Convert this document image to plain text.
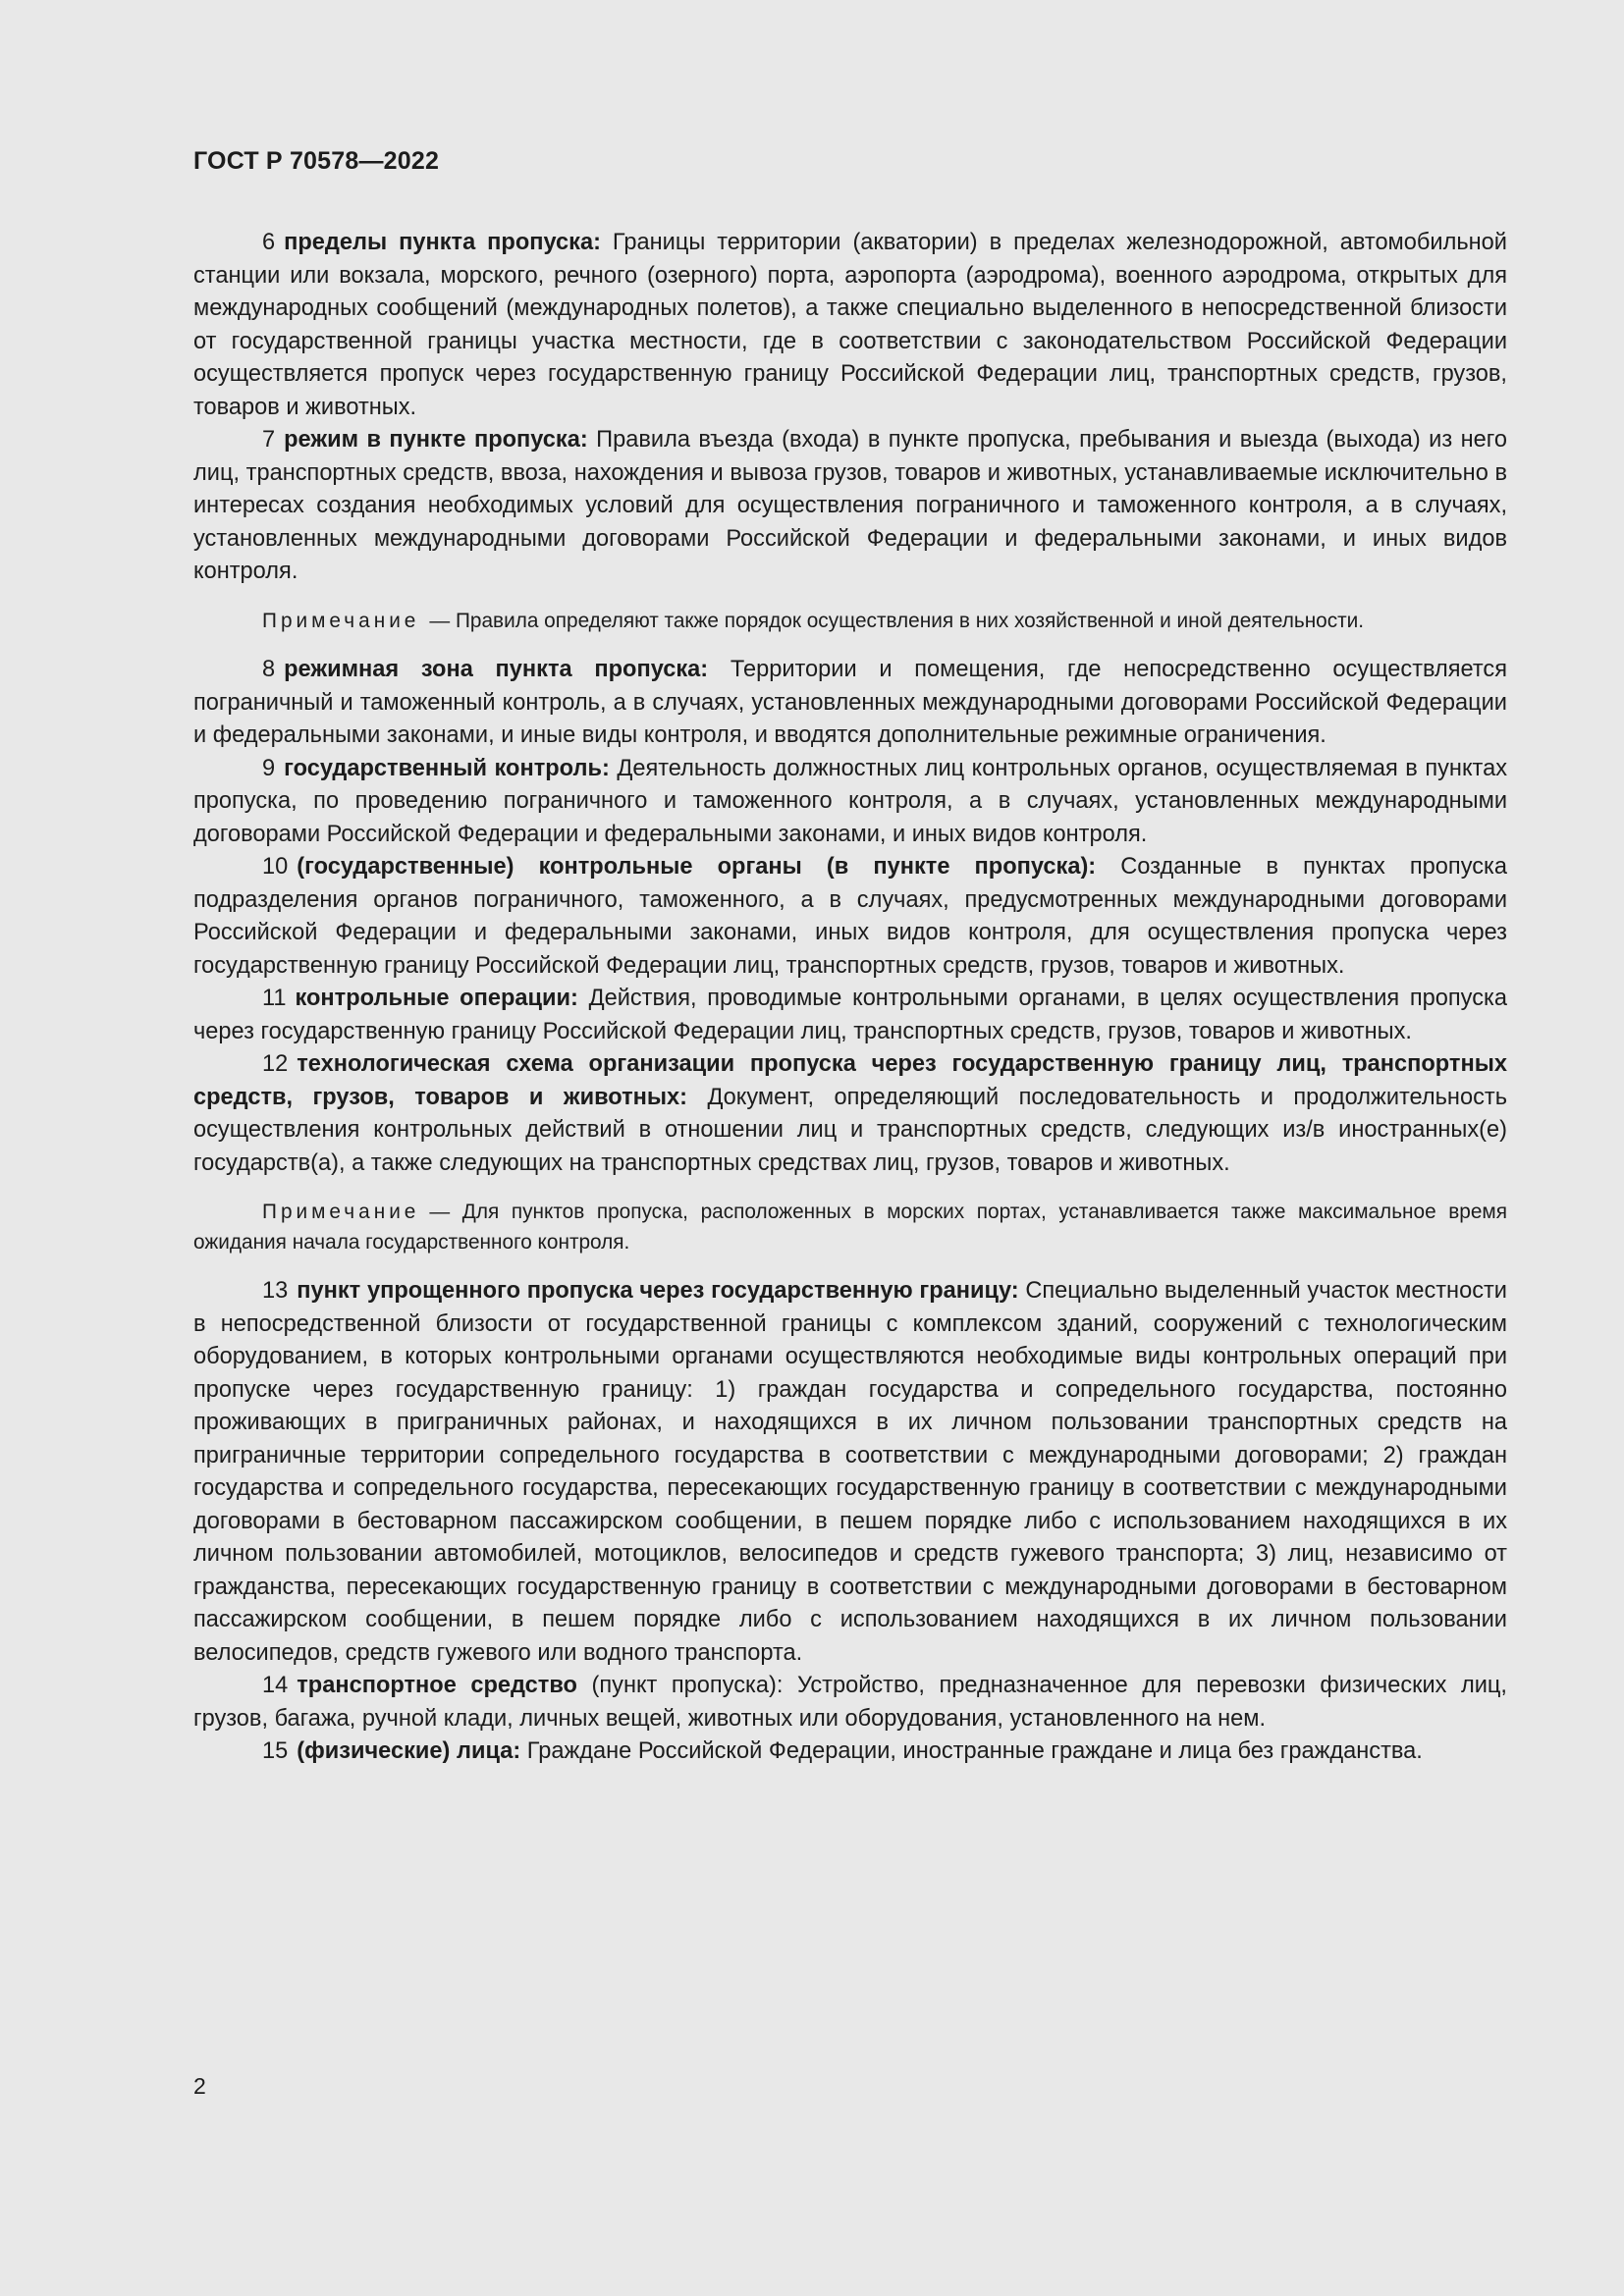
ГОСТ Р 70578—2022

6 пределы пункта пропуска: Границы территории (акватории) в пределах железнодорожной, автомобильной станции или вокзала, морского, речного (озерного) порта, аэропорта (аэродрома), военного аэродрома, открытых для международных сообщений (международных полетов), а также специально выделенного в непосредственной близости от государственной границы участка местности, где в соответствии с законодательством Российской Федерации осуществляется пропуск через государственную границу Российской Федерации лиц, транспортных средств, грузов, товаров и животных.

7 режим в пункте пропуска: Правила въезда (входа) в пункте пропуска, пребывания и выезда (выхода) из него лиц, транспортных средств, ввоза, нахождения и вывоза грузов, товаров и животных, устанавливаемые исключительно в интересах создания необходимых условий для осуществления пограничного и таможенного контроля, а в случаях, установленных международными договорами Российской Федерации и федеральными законами, и иных видов контроля.

Примечание — Правила определяют также порядок осуществления в них хозяйственной и иной деятельности.

8 режимная зона пункта пропуска: Территории и помещения, где непосредственно осуществляется пограничный и таможенный контроль, а в случаях, установленных международными договорами Российской Федерации и федеральными законами, и иные виды контроля, и вводятся дополнительные режимные ограничения.

9 государственный контроль: Деятельность должностных лиц контрольных органов, осуществляемая в пунктах пропуска, по проведению пограничного и таможенного контроля, а в случаях, установленных международными договорами Российской Федерации и федеральными законами, и иных видов контроля.

10 (государственные) контрольные органы (в пункте пропуска): Созданные в пунктах пропуска подразделения органов пограничного, таможенного, а в случаях, предусмотренных международными договорами Российской Федерации и федеральными законами, иных видов контроля, для осуществления пропуска через государственную границу Российской Федерации лиц, транспортных средств, грузов, товаров и животных.

11 контрольные операции: Действия, проводимые контрольными органами, в целях осуществления пропуска через государственную границу Российской Федерации лиц, транспортных средств, грузов, товаров и животных.

12 технологическая схема организации пропуска через государственную границу лиц, транспортных средств, грузов, товаров и животных: Документ, определяющий последовательность и продолжительность осуществления контрольных действий в отношении лиц и транспортных средств, следующих из/в иностранных(е) государств(а), а также следующих на транспортных средствах лиц, грузов, товаров и животных.

Примечание — Для пунктов пропуска, расположенных в морских портах, устанавливается также максимальное время ожидания начала государственного контроля.

13 пункт упрощенного пропуска через государственную границу: Специально выделенный участок местности в непосредственной близости от государственной границы с комплексом зданий, сооружений с технологическим оборудованием, в которых контрольными органами осуществляются необходимые виды контрольных операций при пропуске через государственную границу: 1) граждан государства и сопредельного государства, постоянно проживающих в приграничных районах, и находящихся в их личном пользовании транспортных средств на приграничные территории сопредельного государства в соответствии с международными договорами; 2) граждан государства и сопредельного государства, пересекающих государственную границу в соответствии с международными договорами в бестоварном пассажирском сообщении, в пешем порядке либо с использованием находящихся в их личном пользовании автомобилей, мотоциклов, велосипедов и средств гужевого транспорта; 3) лиц, независимо от гражданства, пересекающих государственную границу в соответствии с международными договорами в бестоварном пассажирском сообщении, в пешем порядке либо с использованием находящихся в их личном пользовании велосипедов, средств гужевого или водного транспорта.

14 транспортное средство (пункт пропуска): Устройство, предназначенное для перевозки физических лиц, грузов, багажа, ручной клади, личных вещей, животных или оборудования, установленного на нем.

15 (физические) лица: Граждане Российской Федерации, иностранные граждане и лица без гражданства.

2
